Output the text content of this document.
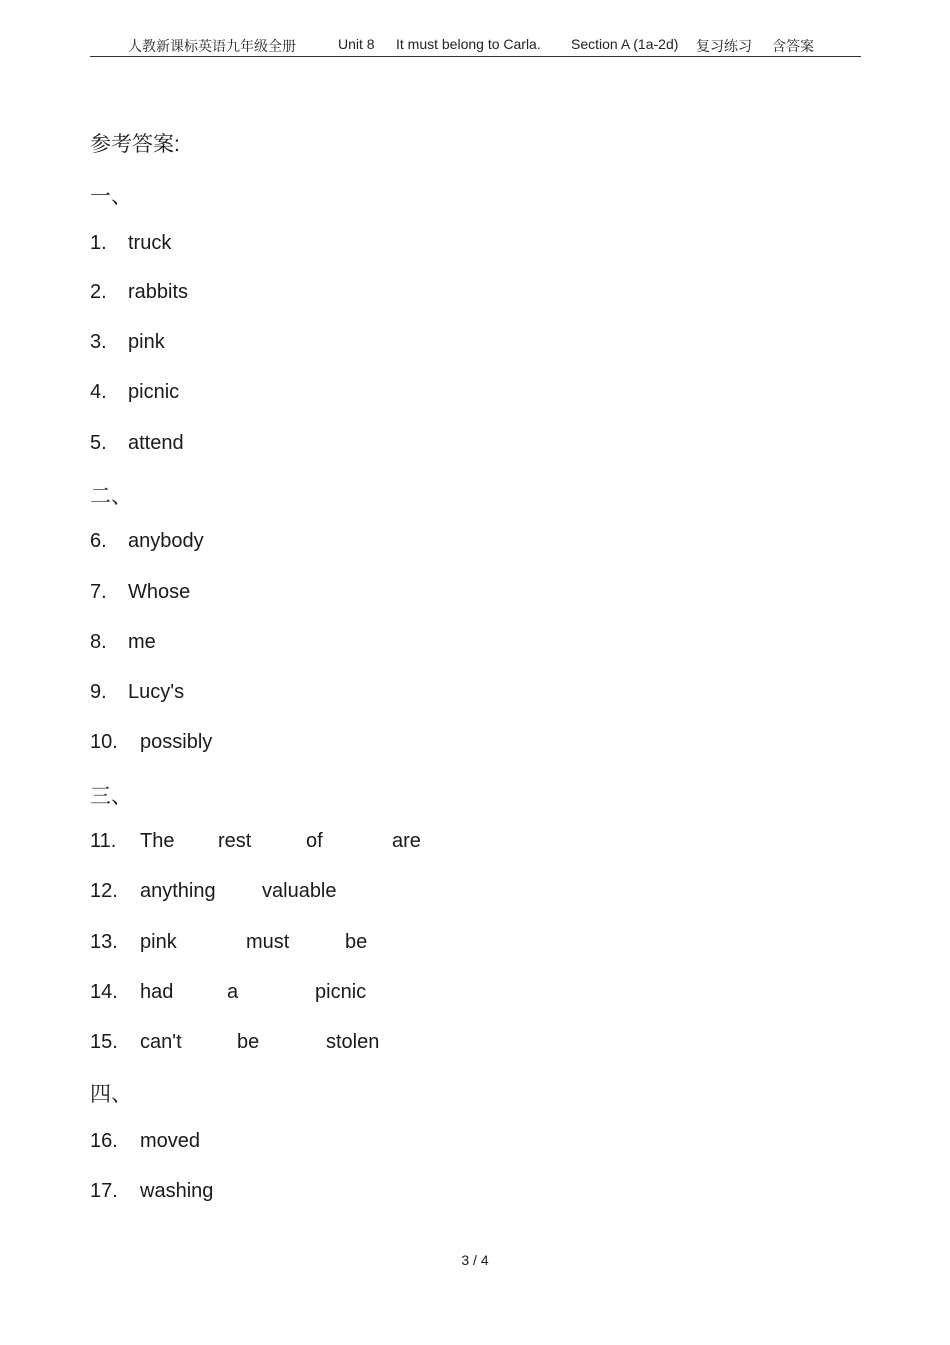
人教新课标英语九年级全册	Unit 8 It must belong to Carla. Section A (1a-2d) 复习练习 含答案
参考答案:
一、
二、
三、
四、
1. truck
2. rabbits
3. pink
4. picnic
5. attend
6. anybody
7. Whose
8. me
9. Lucy's
10. possibly
11. The rest	of	are
12. anything valuable
13. pink	must	be
14. had	a	picnic
15. can't	be	stolen
16. moved
17. washing
3 / 4
